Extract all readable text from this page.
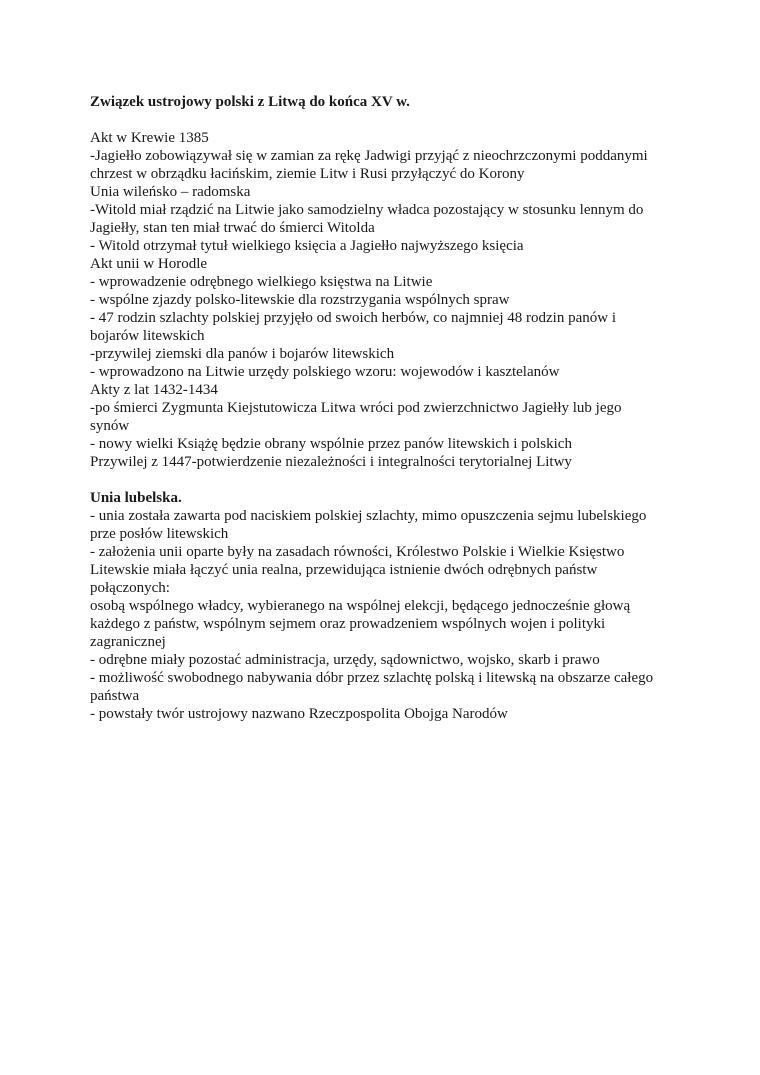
Związek ustrojowy polski z Litwą do końca XV w.
Akt w Krewie 1385
-Jagiełło zobowiązywał się w zamian za rękę Jadwigi przyjąć z nieochrzczonymi poddanymi
chrzest w obrządku łacińskim, ziemie Litw i Rusi przyłączyć do Korony
Unia wileńsko – radomska
-Witold miał rządzić na Litwie jako samodzielny władca pozostający w stosunku lennym do
Jagiełły, stan ten miał trwać do śmierci Witolda
- Witold otrzymał tytuł wielkiego księcia a Jagiełło najwyższego księcia
Akt unii w Horodle
- wprowadzenie odrębnego wielkiego księstwa na Litwie
- wspólne zjazdy polsko-litewskie dla rozstrzygania wspólnych spraw
- 47 rodzin szlachty polskiej przyjęło od swoich herbów, co najmniej 48 rodzin panów i
bojarów litewskich
-przywilej ziemski dla panów i bojarów litewskich
- wprowadzono na Litwie urzędy polskiego wzoru: wojewodów i kasztelanów
Akty z lat 1432-1434
-po śmierci Zygmunta Kiejstutowicza Litwa wróci pod zwierzchnictwo Jagiełły lub jego
synów
- nowy wielki Książę będzie obrany wspólnie przez panów litewskich i polskich
Przywilej z 1447-potwierdzenie niezależności i integralności terytorialnej Litwy
Unia lubelska.
- unia została zawarta pod naciskiem polskiej szlachty, mimo opuszczenia sejmu lubelskiego
prze posłów litewskich
- założenia unii oparte były na zasadach równości, Królestwo Polskie i Wielkie Księstwo
Litewskie miała łączyć unia realna, przewidująca istnienie dwóch odrębnych państw
połączonych:
osobą wspólnego władcy, wybieranego na wspólnej elekcji, będącego jednocześnie głową
każdego z państw, wspólnym sejmem oraz prowadzeniem wspólnych wojen i polityki
zagranicznej
- odrębne miały pozostać administracja, urzędy, sądownictwo, wojsko, skarb i prawo
- możliwość swobodnego nabywania dóbr przez szlachtę polską i litewską na obszarze całego
państwa
- powstały twór ustrojowy nazwano Rzeczpospolita Obojga Narodów
